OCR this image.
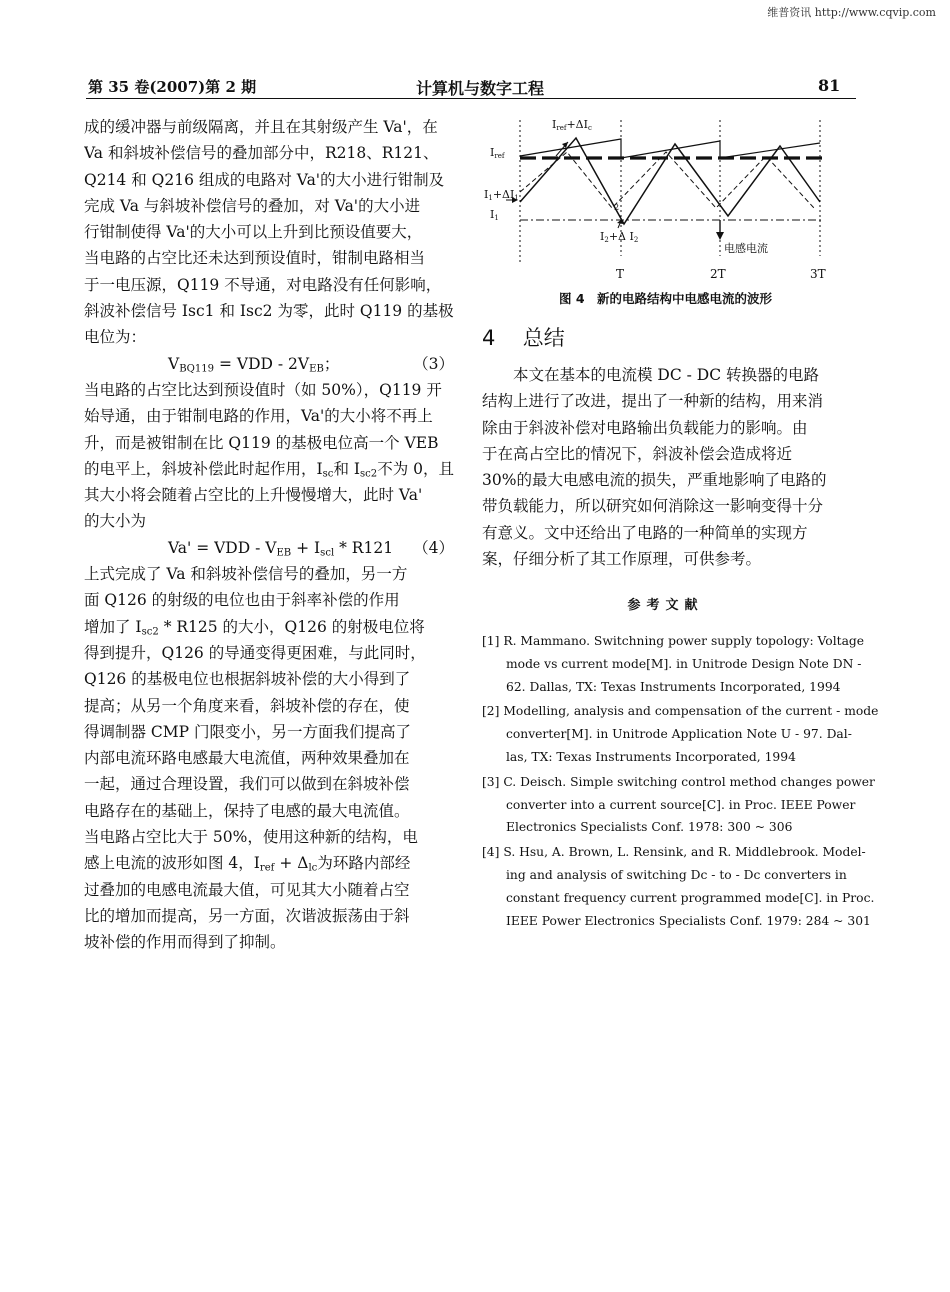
维普资讯 http://www.cqvip.com
第 35 卷(2007)第 2 期	计算机与数字工程	81
成的缓冲器与前级隔离，并且在其射级产生 Va'，在
Va 和斜坡补偿信号的叠加部分中，R218、R121、
Q214 和 Q216 组成的电路对 Va'的大小进行钳制及
完成 Va 与斜坡补偿信号的叠加，对 Va'的大小进
行钳制使得 Va'的大小可以上升到比预设值要大，
当电路的占空比还未达到预设值时，钳制电路相当
于一电压源，Q119 不导通，对电路没有任何影响，
斜波补偿信号 Isc1 和 Isc2 为零，此时 Q119 的基极
电位为：
$V_{BQ119}$ = VDD - $2V_{EB}$；	（3）
当电路的占空比达到预设值时（如 50%），Q119 开
始导通，由于钳制电路的作用，Va'的大小将不再上
升，而是被钳制在比 Q119 的基极电位高一个 VEB
的电平上，斜坡补偿此时起作用，$I_{sc}$和 $I_{sc2}$不为 0，且
其大小将会随着占空比的上升慢慢增大，此时 Va'
的大小为
Va' = VDD - $V_{EB} + I_{scl} * R121$ （4）
上式完成了 Va 和斜坡补偿信号的叠加，另一方
面 Q126 的射级的电位也由于斜率补偿的作用
增加了 $I_{sc2} * R125$ 的大小，Q126 的射极电位将
得到提升，Q126 的导通变得更困难，与此同时，
Q126 的基极电位也根据斜坡补偿的大小得到了
提高；从另一个角度来看，斜坡补偿的存在，使
得调制器 CMP 门限变小，另一方面我们提高了
内部电流环路电感最大电流值，两种效果叠加在
一起，通过合理设置，我们可以做到在斜坡补偿
电路存在的基础上，保持了电感的最大电流值。
当电路占空比大于 50%，使用这种新的结构，电
感上电流的波形如图 4，$I_{ref} + \Delta_{lc}$为环路内部经
过叠加的电感电流最大值，可见其大小随着占空
比的增加而提高，另一方面，次谐波振荡由于斜
坡补偿的作用而得到了抑制。
Iref+ΔIc
Iref
I1+ΔI1
I1
I2+Δ I2
2
电感电流
T	2T	3T
图 4　新的电路结构中电感电流的波形
4 总结
本文在基本的电流模 DC - DC 转换器的电路
结构上进行了改进，提出了一种新的结构，用来消
除由于斜波补偿对电路输出负载能力的影响。由
于在高占空比的情况下，斜波补偿会造成将近
30%的最大电感电流的损失，严重地影响了电路的
带负载能力，所以研究如何消除这一影响变得十分
有意义。文中还给出了电路的一种简单的实现方
案，仔细分析了其工作原理，可供参考。
参考文献
[1] R. Mammano. Switchning power supply topology: Voltage
mode vs current mode[M]. in Unitrode Design Note DN -
62. Dallas, TX: Texas Instruments Incorporated, 1994
[2] Modelling, analysis and compensation of the current - mode
converter[M]. in Unitrode Application Note U - 97. Dal-
las, TX: Texas Instruments Incorporated, 1994
[3] C. Deisch. Simple switching control method changes power
converter into a current source[C]. in Proc. IEEE Power
Electronics Specialists Conf. 1978: 300 ~ 306
[4] S. Hsu, A. Brown, L. Rensink, and R. Middlebrook. Model-
ing and analysis of switching Dc - to - Dc converters in
constant frequency current programmed mode[C]. in Proc.
IEEE Power Electronics Specialists Conf. 1979: 284 ~ 301
